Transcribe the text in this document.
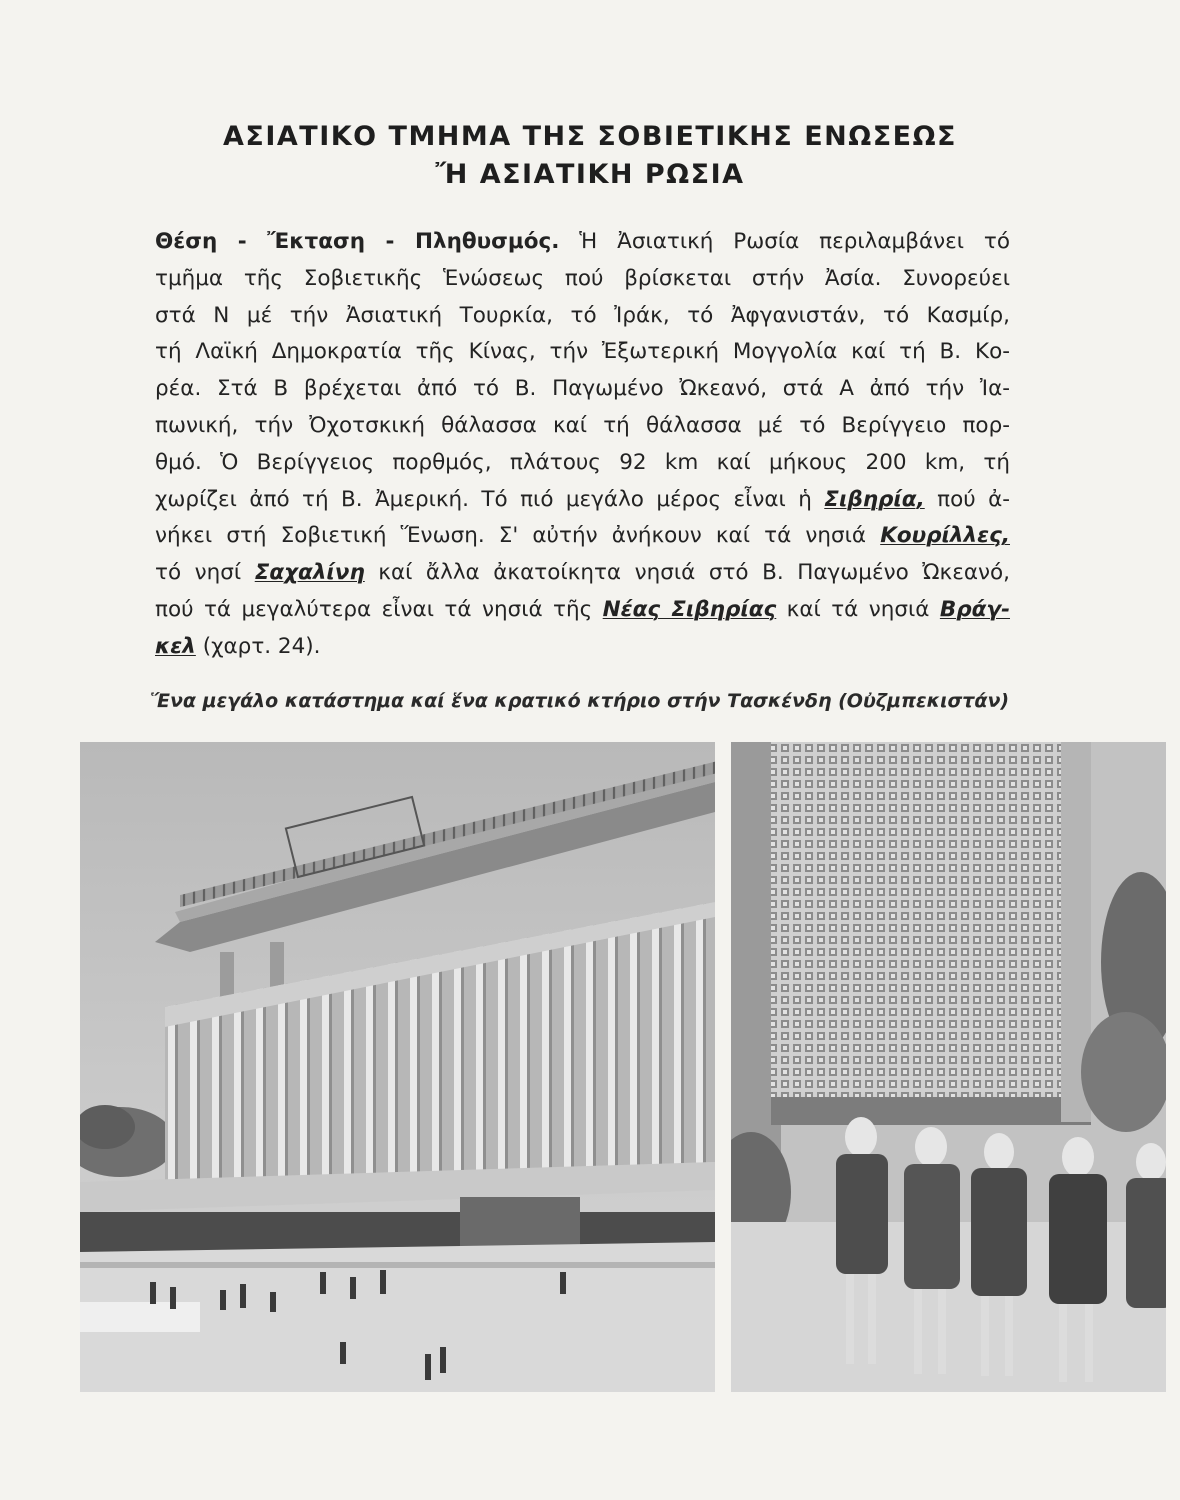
ΑΣΙΑΤΙΚΟ ΤΜΗΜΑ ΤΗΣ ΣΟΒΙΕΤΙΚΗΣ ΕΝΩΣΕΩΣ
Ἤ ΑΣΙΑΤΙΚΗ ΡΩΣΙΑ
Θέση - Ἔκταση - Πληθυσμός. Ἡ Ἀσιατική Ρωσία περιλαμβάνει τό
τμῆμα τῆς Σοβιετικῆς Ἑνώσεως πού βρίσκεται στήν Ἀσία. Συνορεύει
στά Ν μέ τήν Ἀσιατική Τουρκία, τό Ἰράκ, τό Ἀφγανιστάν, τό Κασμίρ,
τή Λαϊκή Δημοκρατία τῆς Κίνας, τήν Ἐξωτερική Μογγολία καί τή Β. Κο-
ρέα. Στά Β βρέχεται ἀπό τό Β. Παγωμένο Ὠκεανό, στά Α ἀπό τήν Ἰα-
πωνική, τήν Ὀχοτσκική θάλασσα καί τή θάλασσα μέ τό Βερίγγειο πορ-
θμό. Ὁ Βερίγγειος πορθμός, πλάτους 92 km καί μήκους 200 km, τή
χωρίζει ἀπό τή Β. Ἀμερική. Τό πιό μεγάλο μέρος εἶναι ἡ Σιβηρία, πού ἀ-
νήκει στή Σοβιετική Ἕνωση. Σ' αὐτήν ἀνήκουν καί τά νησιά Κουρίλλες,
τό νησί Σαχαλίνη καί ἄλλα ἀκατοίκητα νησιά στό Β. Παγωμένο Ὠκεανό,
πού τά μεγαλύτερα εἶναι τά νησιά τῆς Νέας Σιβηρίας καί τά νησιά Βράγ-
κελ (χαρτ. 24).
Ἕνα μεγάλο κατάστημα καί ἕνα κρατικό κτήριο στήν Τασκένδη (Οὐζμπεκιστάν)
